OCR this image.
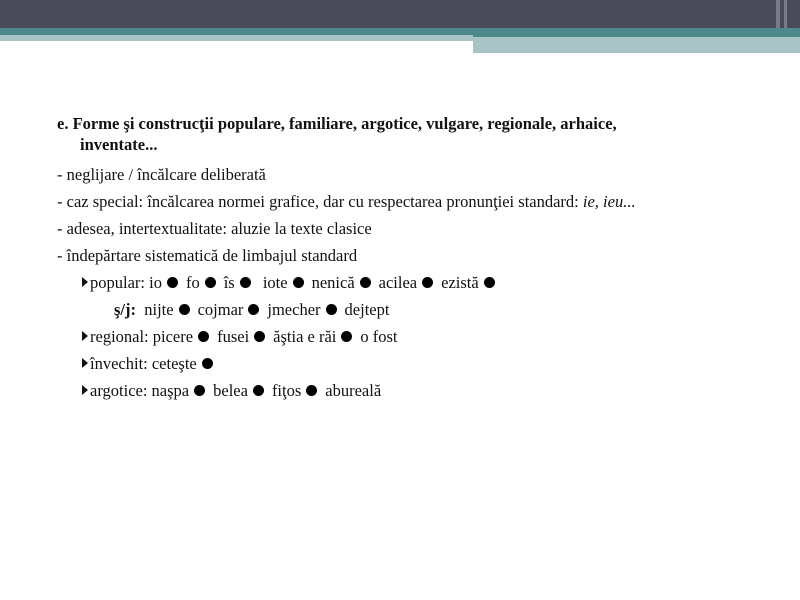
e. Forme şi construcţii populare, familiare, argotice, vulgare, regionale, arhaice,
inventate...
- neglijare / încălcare deliberată
- caz special: încălcarea normei grafice, dar cu respectarea pronunţiei standard: ie, ieu...
- adesea, intertextualitate: aluzie la texte clasice
- îndepărtare sistematică de limbajul standard
popular: io fo îs iote nenică acilea ezistă
ş/j: nijte cojmar jmecher dejtept
regional: picere fusei ăştia e răi o fost
învechit: ceteşte
argotice: naşpa belea fiţos abureală
